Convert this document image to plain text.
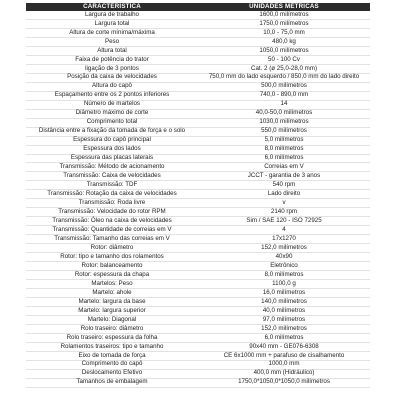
CARACTERÍSTICA	UNIDADES MÉTRICAS
Largura de trabalho	1600,0 milímetros
Largura total	1750,0 milímetros
Altura de corte mínima/máxima	10,0 - 75,0 mm
Peso	480,0 kg
Altura total	1050,0 milímetros
Faixa de potência do trator	50 - 100 Cv
ligação de 3 pontos	Cat. 2 (ø 25,0-28,0 mm)
Posição da caixa de velocidades	750,0 mm do lado esquerdo / 850,0 mm do lado direito
Altura do capô	500,0 milímetros
Espaçamento entre os 2 pontos inferiores	740,0 - 890,0 mm
Número de martelos	14
Diâmetro máximo de corte	40,0-50,0 milímetros
Comprimento total	1030,0 milímetros
Distância entre a fixação da tomada de força e o solo	550,0 milímetros
Espessura do capô principal	5,0 milímetros
Espessura dos lados	8,0 milímetros
Espessura das placas laterais	6,0 milímetros
Transmissão: Método de acionamento	Correias em V
Transmissão: Caixa de velocidades	JCCT - garantia de 3 anos
Transmissão: TDF	540 rpm
Transmissão: Rotação da caixa de velocidades	Lado direito
Transmissão: Roda livre	v
Transmissão: Velocidade do rotor RPM	2140 rpm
Transmissão: Óleo na caixa de velocidades	Sim / SAE 120 - ISO 72925
Transmissão: Quantidade de correias em V	4
Transmissão: Tamanho das correias em V	17x1270
Rotor: diâmetro	152,0 milímetros
Rotor: tipo e tamanho dos rolamentos	40x90
Rotor: balanceamento	Eletrônico
Rotor: espessura da chapa	8,0 milímetros
Martelos: Peso	1100,0 g
Martelo: ahole	16,0 milímetros
Martelo: largura da base	140,0 milímetros
Martelo: largura superior	40,0 milímetros
Martelo: Diagonal	97,0 milímetros
Rolo traseiro: diâmetro	152,0 milímetros
Rolo traseiro: espessura da folha	6,0 milímetros
Rolamentos traseiros: tipo e tamanho	90x40 mm - GE076-6308
Eixo de tomada de força	CE 6x1000 mm + parafuso de cisalhamento
Comprimento do capô	1000,0 mm
Deslocamento Efetivo	400,0 mm (Hidráulico)
Tamanhos de embalagem	1750,0*1050,0*1050,0 milímetros
